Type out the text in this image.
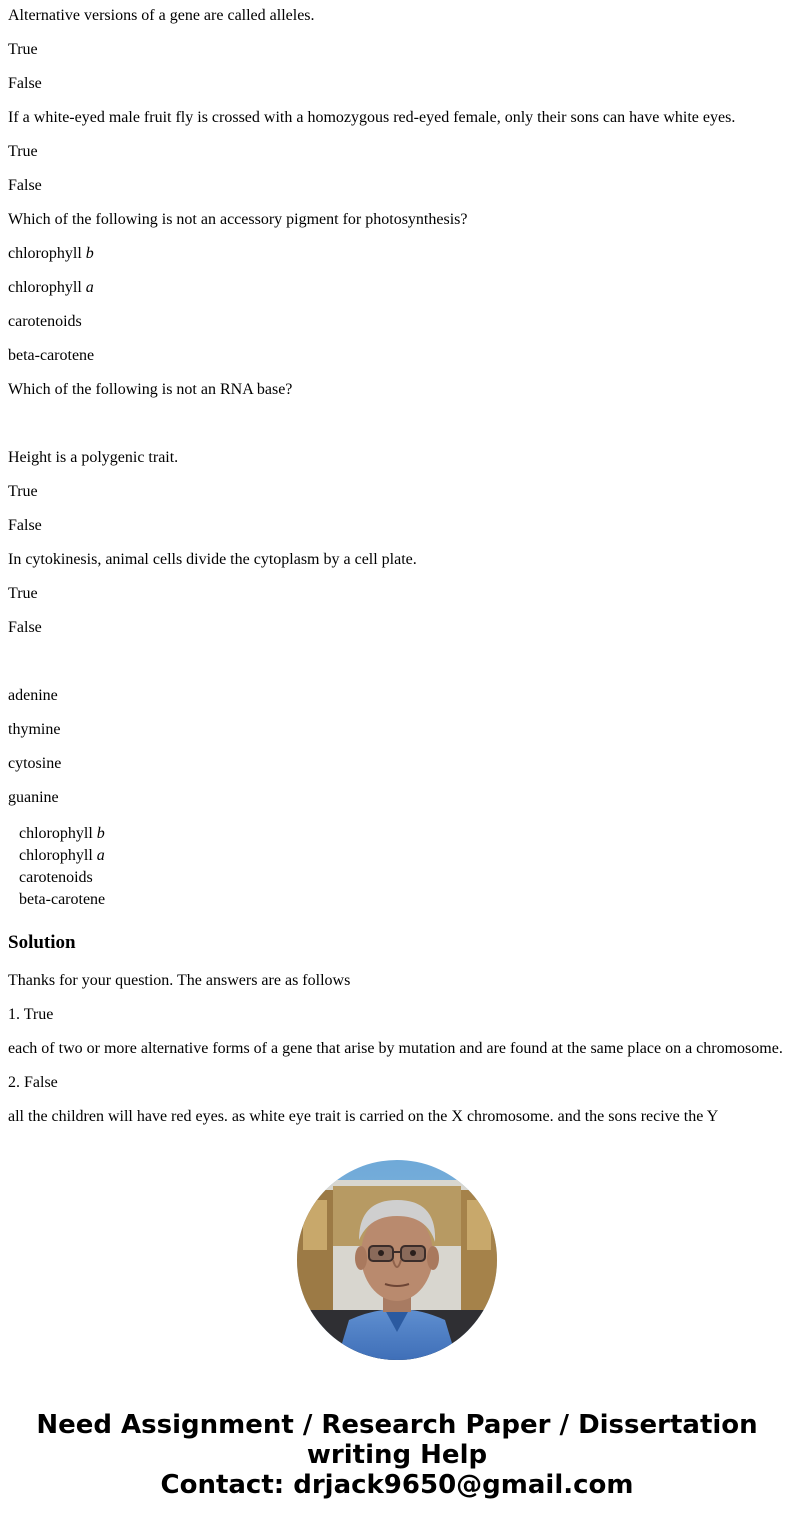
Alternative versions of a gene are called alleles.

True

False

If a white-eyed male fruit fly is crossed with a homozygous red-eyed female, only their sons can have white eyes.

True

False

Which of the following is not an accessory pigment for photosynthesis?

chlorophyll b

chlorophyll a

carotenoids

beta-carotene

Which of the following is not an RNA base?

Height is a polygenic trait.

True

False

In cytokinesis, animal cells divide the cytoplasm by a cell plate.

True

False

adenine

thymine

cytosine

guanine

chlorophyll b
chlorophyll a
carotenoids
beta-carotene
Solution

Thanks for your question. The answers are as follows

1. True

each of two or more alternative forms of a gene that arise by mutation and are found at the same place on a chromosome.

2. False

all the children will have red eyes. as white eye trait is carried on the X chromosome. and the sons recive the Y

Need Assignment / Research Paper / Dissertation
writing Help
Contact: drjack9650@gmail.com
